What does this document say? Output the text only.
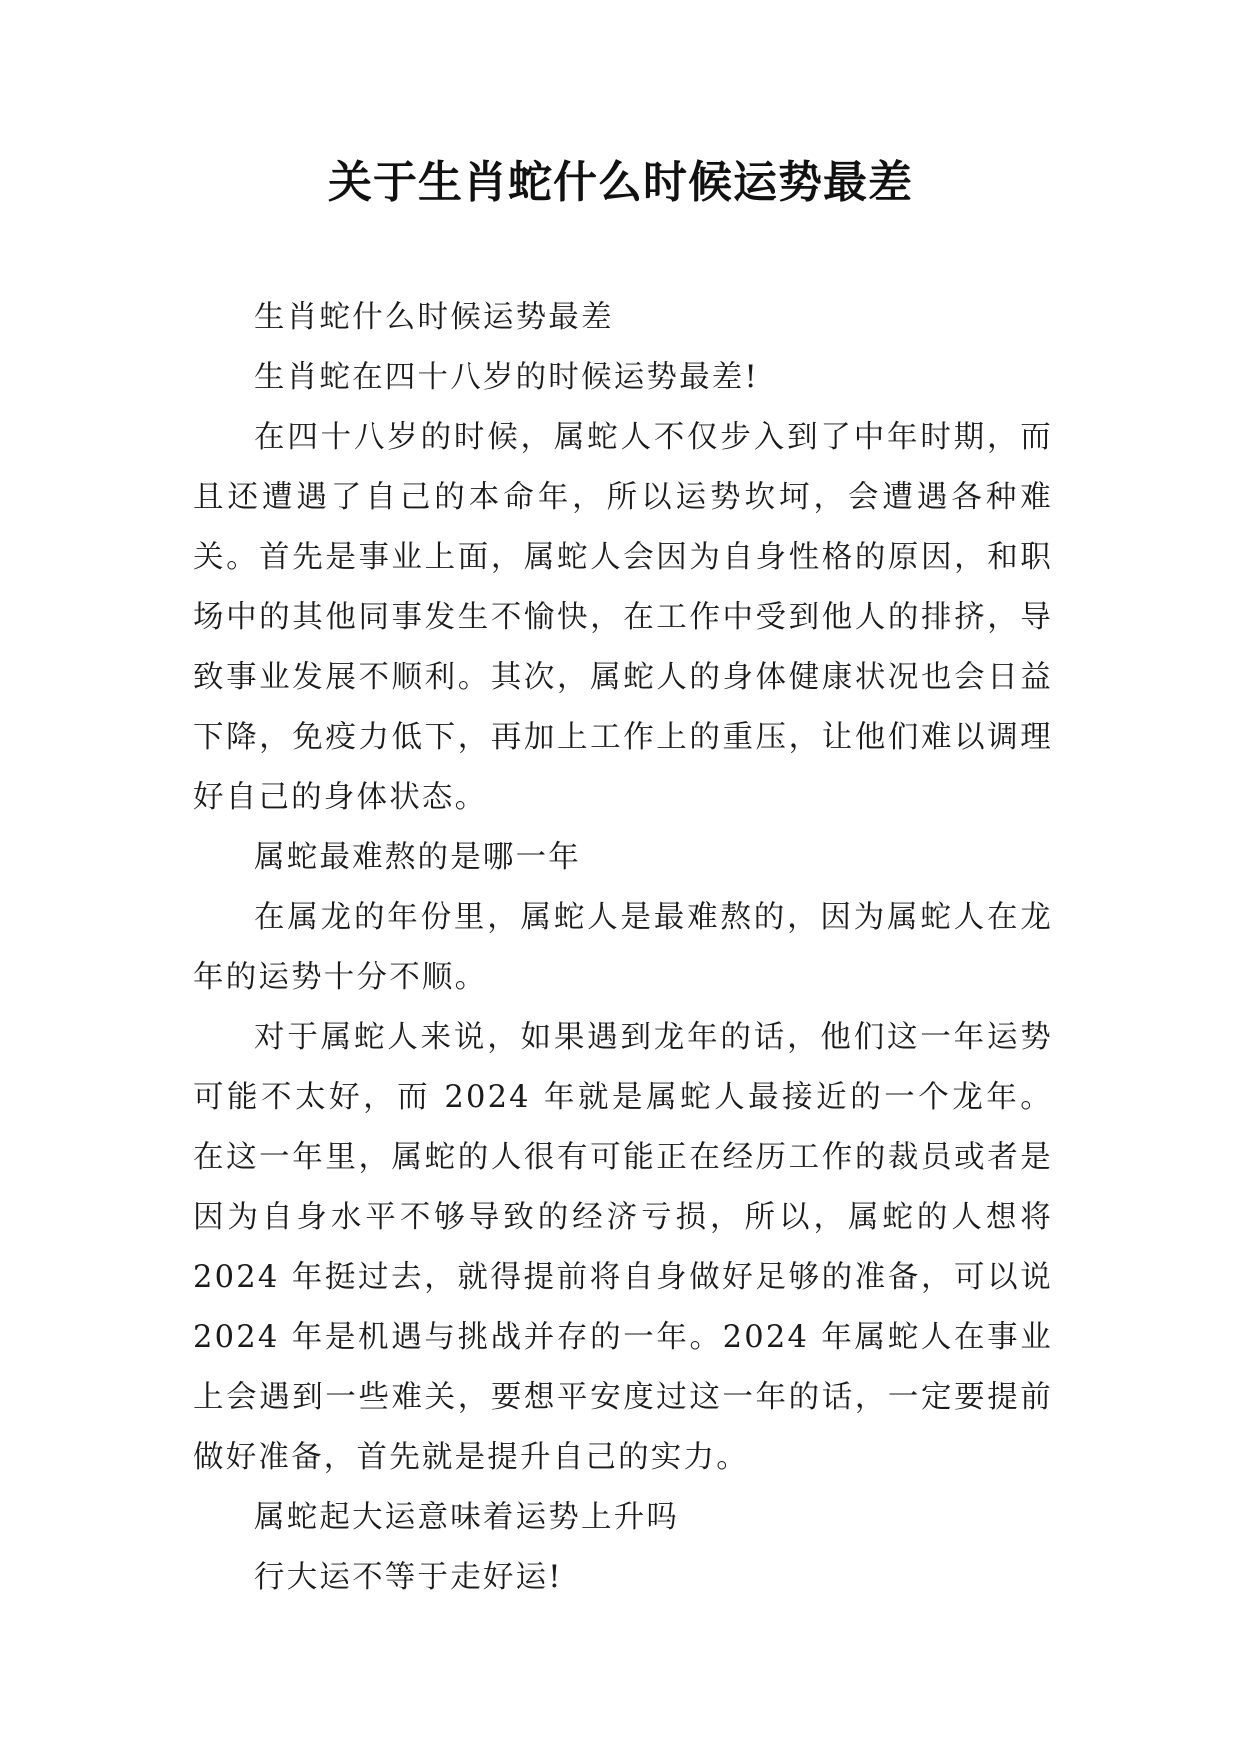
关于生肖蛇什么时候运势最差

生肖蛇什么时候运势最差

生肖蛇在四十八岁的时候运势最差!

在四十八岁的时候，属蛇人不仅步入到了中年时期，而且还遭遇了自己的本命年，所以运势坎坷，会遭遇各种难关。首先是事业上面，属蛇人会因为自身性格的原因，和职场中的其他同事发生不愉快，在工作中受到他人的排挤，导致事业发展不顺利。其次，属蛇人的身体健康状况也会日益下降，免疫力低下，再加上工作上的重压，让他们难以调理好自己的身体状态。

属蛇最难熬的是哪一年

在属龙的年份里，属蛇人是最难熬的，因为属蛇人在龙年的运势十分不顺。

对于属蛇人来说，如果遇到龙年的话，他们这一年运势可能不太好，而 2024 年就是属蛇人最接近的一个龙年。在这一年里，属蛇的人很有可能正在经历工作的裁员或者是因为自身水平不够导致的经济亏损，所以，属蛇的人想将 2024 年挺过去，就得提前将自身做好足够的准备，可以说 2024 年是机遇与挑战并存的一年。2024 年属蛇人在事业上会遇到一些难关，要想平安度过这一年的话，一定要提前做好准备，首先就是提升自己的实力。

属蛇起大运意味着运势上升吗

行大运不等于走好运!
